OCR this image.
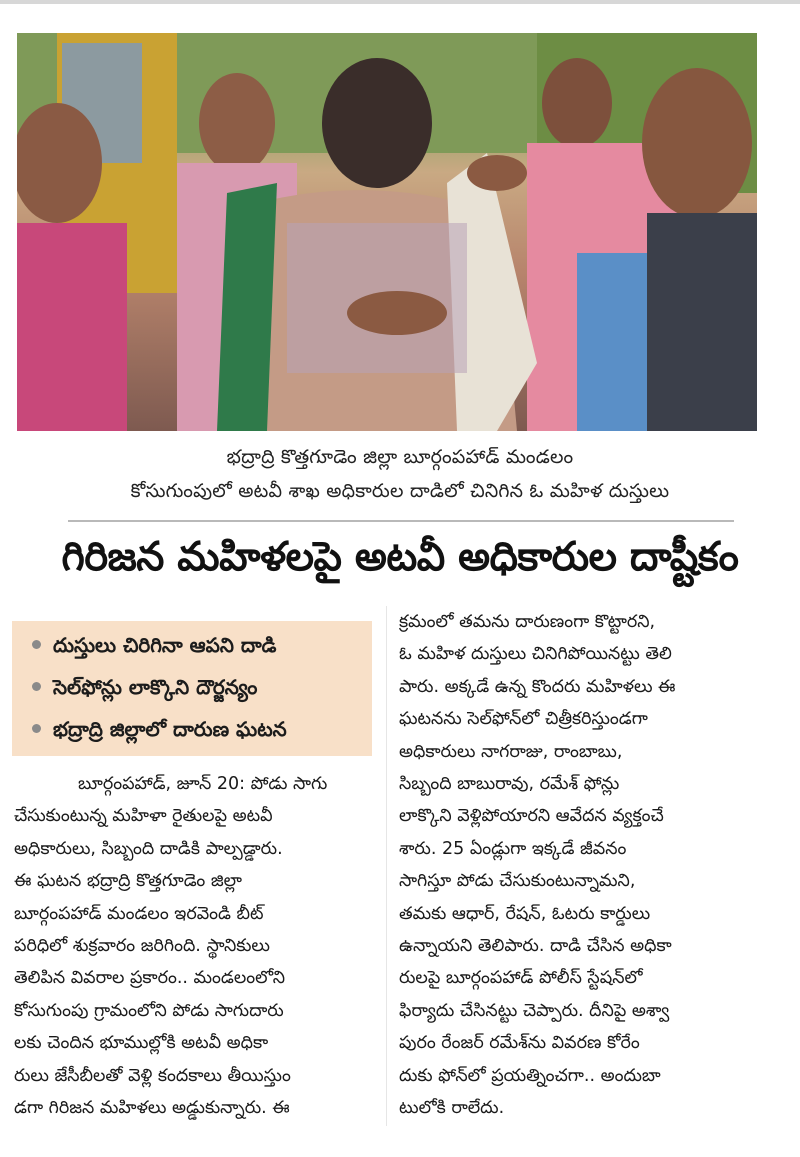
భద్రాద్రి కొత్తగూడెం జిల్లా బూర్గంపహాడ్‌ మండలం
కోసుగుంపులో అటవీ శాఖ అధికారుల దాడిలో చినిగిన ఓ మహిళ దుస్తులు
గిరిజన మహిళలపై అటవీ అధికారుల దాష్టీకం
దుస్తులు చిరిగినా ఆపని దాడి
సెల్‌ఫోన్లు లాక్కొని దౌర్జన్యం
భద్రాద్రి జిల్లాలో దారుణ ఘటన
బూర్గంపహాడ్‌, జూన్‌ 20: పోడు సాగు
చేసుకుంటున్న మహిళా రైతులపై అటవీ
అధికారులు, సిబ్బంది దాడికి పాల్పడ్డారు.
ఈ ఘటన భద్రాద్రి కొత్తగూడెం జిల్లా
బూర్గంపహాడ్‌ మండలం ఇరవెండి బీట్‌
పరిధిలో శుక్రవారం జరిగింది. స్థానికులు
తెలిపిన వివరాల ప్రకారం.. మండలంలోని
కోసుగుంపు గ్రామంలోని పోడు సాగుదారు
లకు చెందిన భూముల్లోకి అటవీ అధికా
రులు జేసీబీలతో వెళ్లి కందకాలు తీయిస్తుం
డగా గిరిజన మహిళలు అడ్డుకున్నారు. ఈ
క్రమంలో తమను దారుణంగా కొట్టారని,
ఓ మహిళ దుస్తులు చినిగిపోయినట్టు తెలి
పారు. అక్కడే ఉన్న కొందరు మహిళలు ఈ
ఘటనను సెల్‌ఫోన్‌లో చిత్రీకరిస్తుండగా
అధికారులు నాగరాజు, రాంబాబు,
సిబ్బంది బాబురావు, రమేశ్‌ ఫోన్లు
లాక్కొని వెళ్లిపోయారని ఆవేదన వ్యక్తంచే
శారు. 25 ఏండ్లుగా ఇక్కడే జీవనం
సాగిస్తూ పోడు చేసుకుంటున్నామని,
తమకు ఆధార్‌, రేషన్‌, ఓటరు కార్డులు
ఉన్నాయని తెలిపారు. దాడి చేసిన అధికా
రులపై బూర్గంపహాడ్‌ పోలీస్‌ స్టేషన్‌లో
ఫిర్యాదు చేసినట్టు చెప్పారు. దీనిపై అశ్వా
పురం రేంజర్‌ రమేశ్‌ను వివరణ కోరేం
దుకు ఫోన్‌లో ప్రయత్నించగా.. అందుబా
టులోకి రాలేదు.
